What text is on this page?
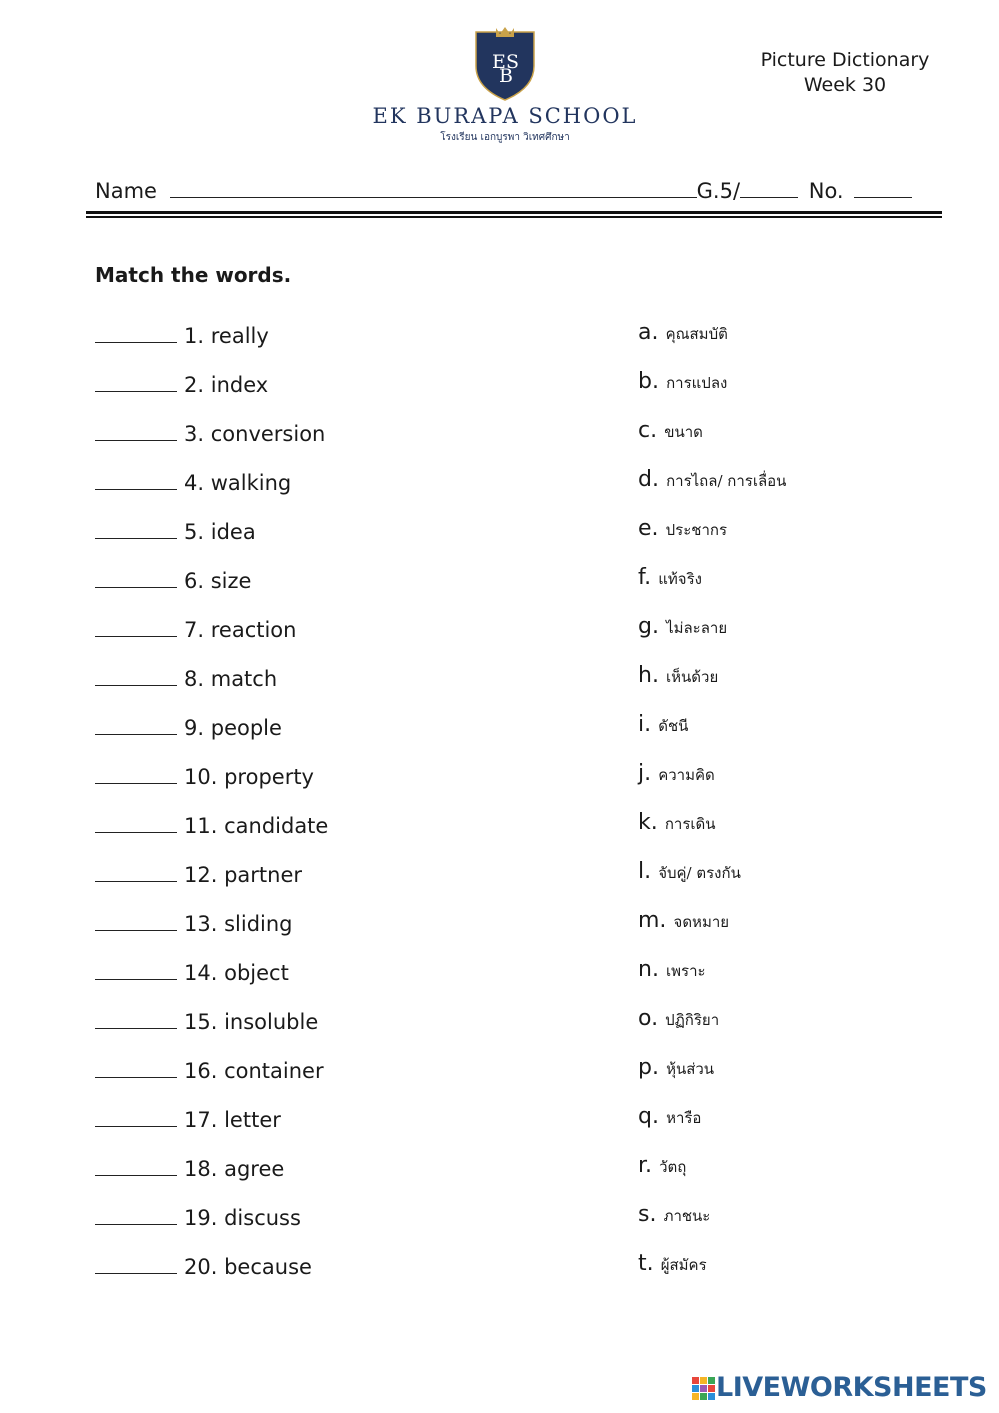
E S
B
EK BURAPA SCHOOL
โรงเรียน เอกบูรพา วิเทศศึกษา
Picture Dictionary
Week 30
Name	G.5/	No.
Match the words.
1. really
2. index
3. conversion
4. walking
5. idea
6. size
7. reaction
8. match
9. people
10. property
11. candidate
12. partner
13. sliding
14. object
15. insoluble
16. container
17. letter
18. agree
19. discuss
20. because
a. คุณสมบัติ
b. การแปลง
c. ขนาด
d. การไถล/ การเลื่อน
e. ประชากร
f. แท้จริง
g. ไม่ละลาย
h. เห็นด้วย
i. ดัชนี
j. ความคิด
k. การเดิน
l. จับคู่/ ตรงกัน
m. จดหมาย
n. เพราะ
o. ปฏิกิริยา
p. หุ้นส่วน
q. หารือ
r. วัตถุ
s. ภาชนะ
t. ผู้สมัคร
LIVEWORKSHEETS
